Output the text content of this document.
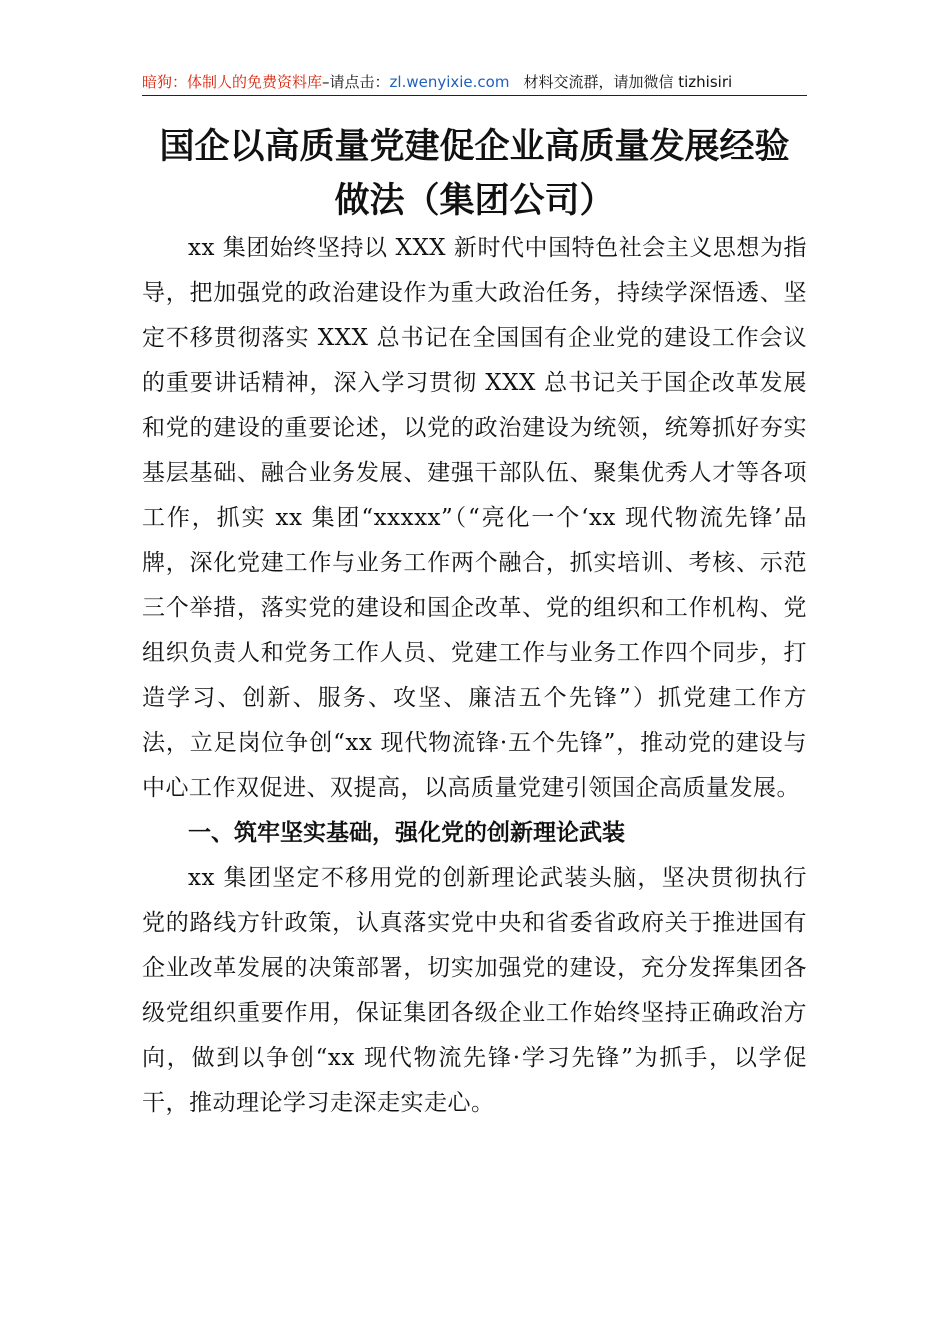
暗狗：体制人的免费资料库–请点击：zl.wenyixie.com 材料交流群，请加微信 tizhisiri
国企以高质量党建促企业高质量发展经验
做法（集团公司）

xx 集团始终坚持以 XXX 新时代中国特色社会主义思想为指导，把加强党的政治建设作为重大政治任务，持续学深悟透、坚定不移贯彻落实 XXX 总书记在全国国有企业党的建设工作会议的重要讲话精神，深入学习贯彻 XXX 总书记关于国企改革发展和党的建设的重要论述，以党的政治建设为统领，统筹抓好夯实基层基础、融合业务发展、建强干部队伍、聚集优秀人才等各项工作，抓实 xx 集团“xxxxx”（“亮化一个‘xx 现代物流先锋’品牌，深化党建工作与业务工作两个融合，抓实培训、考核、示范三个举措，落实党的建设和国企改革、党的组织和工作机构、党组织负责人和党务工作人员、党建工作与业务工作四个同步，打造学习、创新、服务、攻坚、廉洁五个先锋”）抓党建工作方法，立足岗位争创“xx 现代物流锋·五个先锋”，推动党的建设与中心工作双促进、双提高，以高质量党建引领国企高质量发展。

一、筑牢坚实基础，强化党的创新理论武装

xx 集团坚定不移用党的创新理论武装头脑，坚决贯彻执行党的路线方针政策，认真落实党中央和省委省政府关于推进国有企业改革发展的决策部署，切实加强党的建设，充分发挥集团各级党组织重要作用，保证集团各级企业工作始终坚持正确政治方向，做到以争创“xx 现代物流先锋·学习先锋”为抓手，以学促干，推动理论学习走深走实走心。
